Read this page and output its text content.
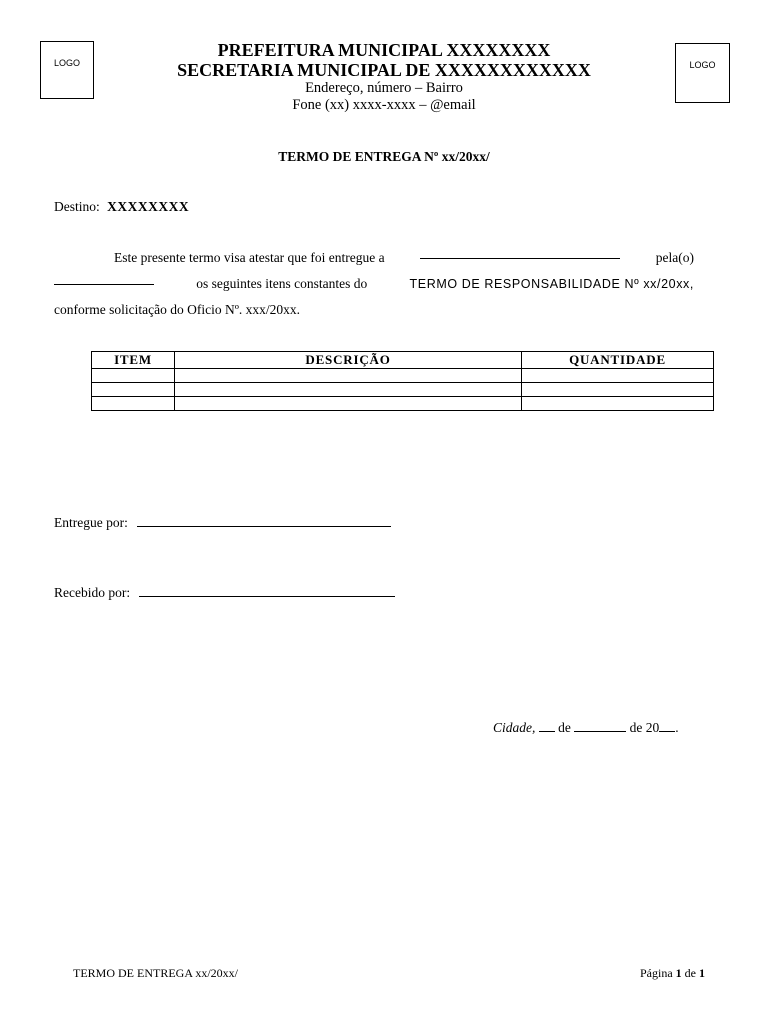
LOGO	LOGO
PREFEITURA MUNICIPAL XXXXXXXX
SECRETARIA MUNICIPAL DE XXXXXXXXXXXX
Endereço, número – Bairro
Fone (xx) xxxx-xxxx – @email
TERMO DE ENTREGA Nº xx/20xx/
Destino: XXXXXXXX
Este presente termo visa atestar que foi entregue a	pela(o)
os seguintes itens constantes do	TERMO DE RESPONSABILIDADE Nº xx/20xx,
conforme solicitação do Oficio Nº. xxx/20xx.
ITEM	DESCRIÇÃO	QUANTIDADE

Entregue por:
Recebido por:
Cidade, de	de 20 .
TERMO DE ENTREGA xx/20xx/	Página 1 de 1
